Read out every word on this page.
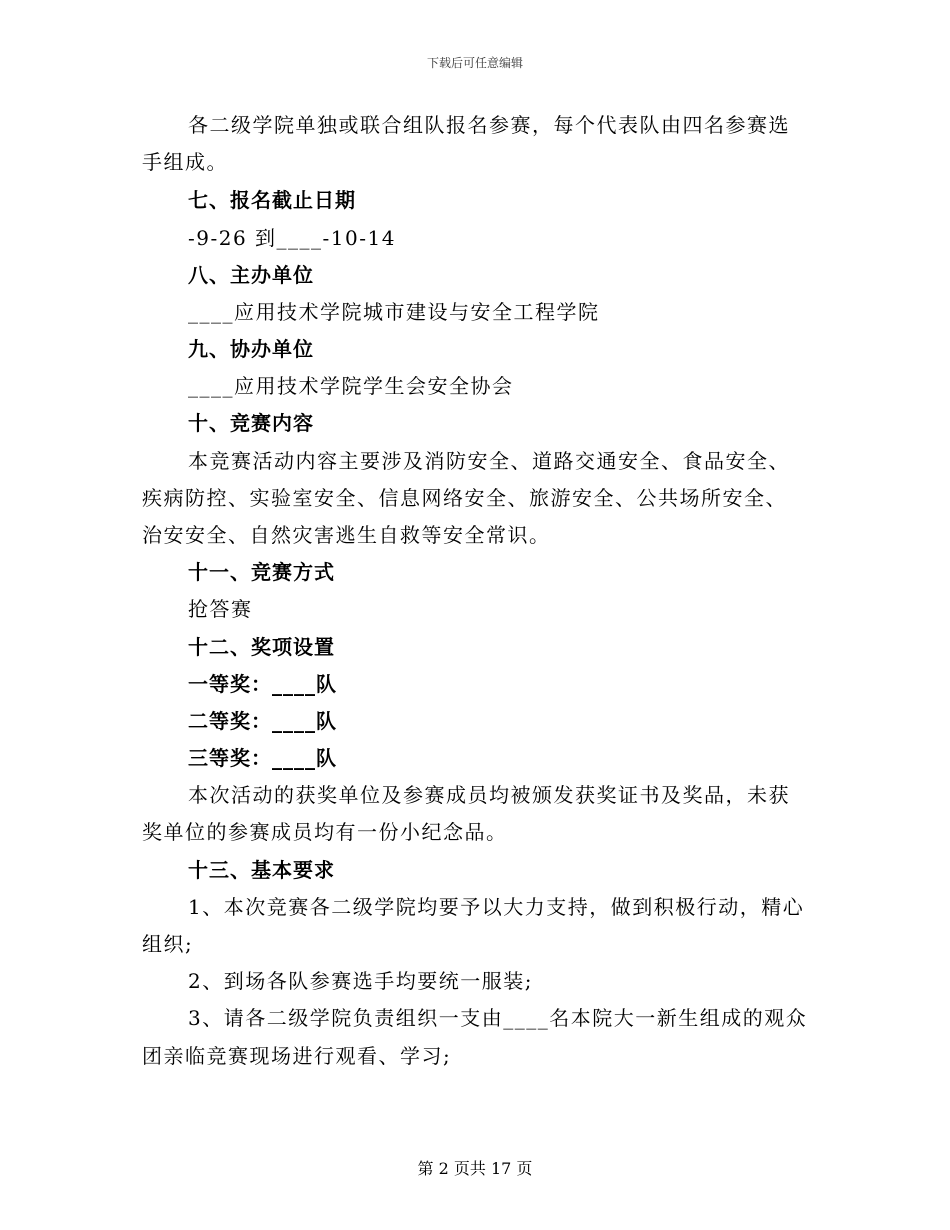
下载后可任意编辑
各二级学院单独或联合组队报名参赛，每个代表队由四名参赛选
手组成。
七、报名截止日期
-9-26 到____-10-14
八、主办单位
____应用技术学院城市建设与安全工程学院
九、协办单位
____应用技术学院学生会安全协会
十、竞赛内容
本竞赛活动内容主要涉及消防安全、道路交通安全、食品安全、
疾病防控、实验室安全、信息网络安全、旅游安全、公共场所安全、
治安安全、自然灾害逃生自救等安全常识。
十一、竞赛方式
抢答赛
十二、奖项设置
一等奖：____队
二等奖：____队
三等奖：____队
本次活动的获奖单位及参赛成员均被颁发获奖证书及奖品，未获
奖单位的参赛成员均有一份小纪念品。
十三、基本要求
1、本次竞赛各二级学院均要予以大力支持，做到积极行动，精心
组织;
2、到场各队参赛选手均要统一服装;
3、请各二级学院负责组织一支由____名本院大一新生组成的观众
团亲临竞赛现场进行观看、学习;
第 2 页共 17 页
